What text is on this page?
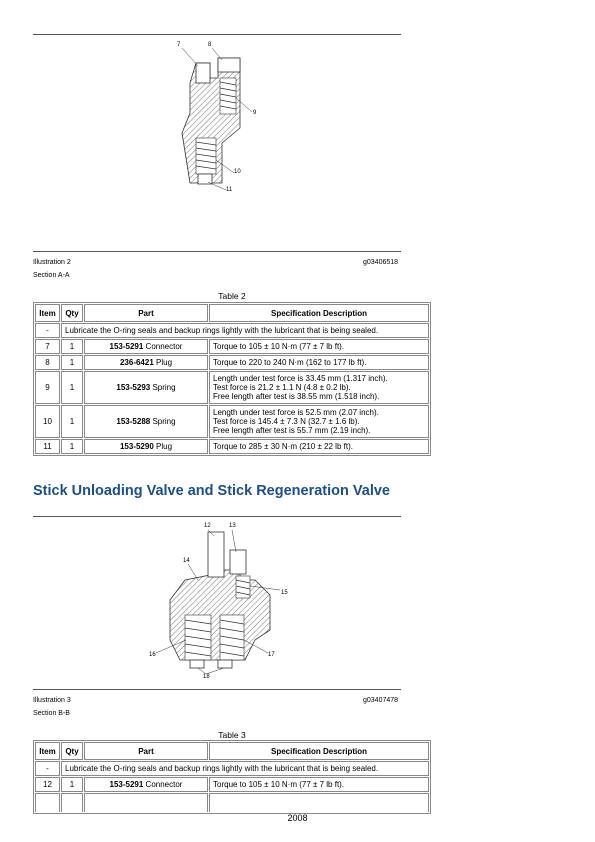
7	8
9
10
11
Illustration 2	g03406518
Section A-A
Table 2
Item	Qty	Part	Specification Description
-	Lubricate the O-ring seals and backup rings lightly with the lubricant that is being sealed.		
7	1	153-5291 Connector	Torque to 105 ± 10 N·m (77 ± 7 lb ft).
8	1	236-6421 Plug	Torque to 220 to 240 N·m (162 to 177 lb ft).
9	1	153-5293 Spring	Length under test force is 33.45 mm (1.317 inch).
Test force is 21.2 ± 1.1 N (4.8 ± 0.2 lb).
Free length after test is 38.55 mm (1.518 inch).

10	1	153-5288 Spring	Length under test force is 52.5 mm (2.07 inch).
Test force is 145.4 ± 7.3 N (32.7 ± 1.6 lb).
Free length after test is 55.7 mm (2.19 inch).

11	1	153-5290 Plug	Torque to 285 ± 30 N·m (210 ± 22 lb ft).
Stick Unloading Valve and Stick Regeneration Valve
12	13
14
15
16	17
18
Illustration 3	g03407478
Section B-B
Table 3
Item	Qty	Part	Specification Description
-	Lubricate the O-ring seals and backup rings lightly with the lubricant that is being sealed.		
12	1	153-5291 Connector	Torque to 105 ± 10 N·m (77 ± 7 lb ft).

2008
